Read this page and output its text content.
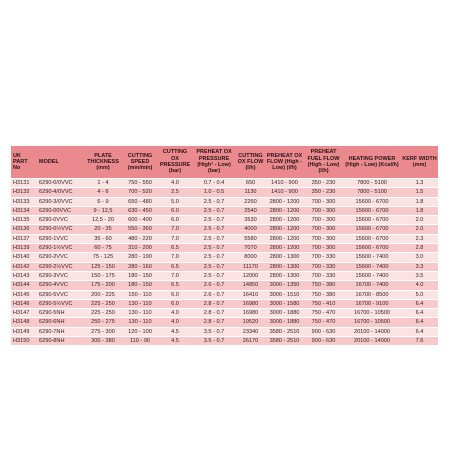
UK PART No	MODEL	PLATE THICKNESS (mm)	CUTTING SPEED (mm/min)	CUTTING OX PRESSURE (bar)	PREHEAT OX PRESSURE (High¹ - Low) (bar)	CUTTING OX FLOW (l/h)	PREHEAT OX FLOW (High - Low) (l/h)	PREHEAT FUEL FLOW (High - Low) (l/h)	HEATING POWER (High - Low) (Kcal/h)	KERF WIDTH (mm)
H3131	6290-0/0VVC	1 - 4	750 - 550	4.0	0.7 - 0.4	650	1410 - 900	350 - 230	7800 - 5100	1.3
H3132	6290-4/0VVC	4 - 6	700 - 520	2.5	1.0 - 0.5	1130	1410 - 900	350 - 230	7800 - 5100	1.5
H3133	6290-3/0VVC	6 - 9	650 - 480	5.0	2.5 - 0.7	2260	2800 - 1200	700 - 300	15600 - 6700	1.8
H3134	6290-00VVC	9 - 12,5	630 - 450	6.0	2.5 - 0.7	2540	2800 - 1200	700 - 300	15600 - 6700	1.8
H3135	6290-0VVC	12,5 - 20	600 - 400	6.0	2.5 - 0.7	3530	2800 - 1200	700 - 300	15600 - 6700	2.0
H3136	6290-0½VVC	20 - 35	550 - 360	7.0	2.5 - 0.7	4000	2800 - 1200	700 - 300	15600 - 6700	2.0
H3137	6290-1VVC	35 - 60	480 - 220	7.0	2.5 - 0.7	5580	2800 - 1200	700 - 300	15600 - 6700	2.3
H3139	6290-1½VVC	60 - 75	310 - 200	6.5	2.5 - 0.7	7070	2800 - 1200	700 - 300	15600 - 6700	2.8
H3140	6290-2VVC	75 - 125	280 - 190	7.0	2.5 - 0.7	8000	2800 - 1300	700 - 330	15600 - 7400	3.0
H3142	6290-2½VVC	125 - 150	280 - 160	6.5	2.5 - 0.7	11170	2800 - 1300	700 - 330	15600 - 7400	3.3
H3143	6290-3VVC	150 - 175	180 - 150	7.0	2.5 - 0.7	12000	2800 - 1300	700 - 330	15600 - 7400	3.5
H3144	6290-4VVC	175 - 200	180 - 150	6.5	2.6 - 0.7	14850	3000 - 1350	750 - 380	16700 - 7400	4.0
H3145	6290-5VVC	200 - 225	150 - 110	6.0	2.6 - 0.7	16410	3000 - 1510	750 - 380	16700 - 8500	5.0
H3146	6290-5½VVC	225 - 250	130 - 110	6.0	2.8 - 0.7	16980	3000 - 1580	750 - 410	16700 - 9100	6.4
H3147	6290-5NH	225 - 250	130 - 110	4.0	2.8 - 0.7	16980	3000 - 1880	750 - 470	16700 - 10500	6.4
H3148	6290-6NH	250 - 275	130 - 110	4.0	2.8 - 0.7	19520	3000 - 1880	750 - 470	16700 - 10500	6.4
H3149	6290-7NH	275 - 300	120 - 100	4.5	3.5 - 0.7	23340	3580 - 2510	900 - 630	20100 - 14000	6.4
H3150	6290-8NH	300 - 380	110 - 90	4.5	3.5 - 0.7	26170	3580 - 2510	900 - 630	20100 - 14000	7.6
